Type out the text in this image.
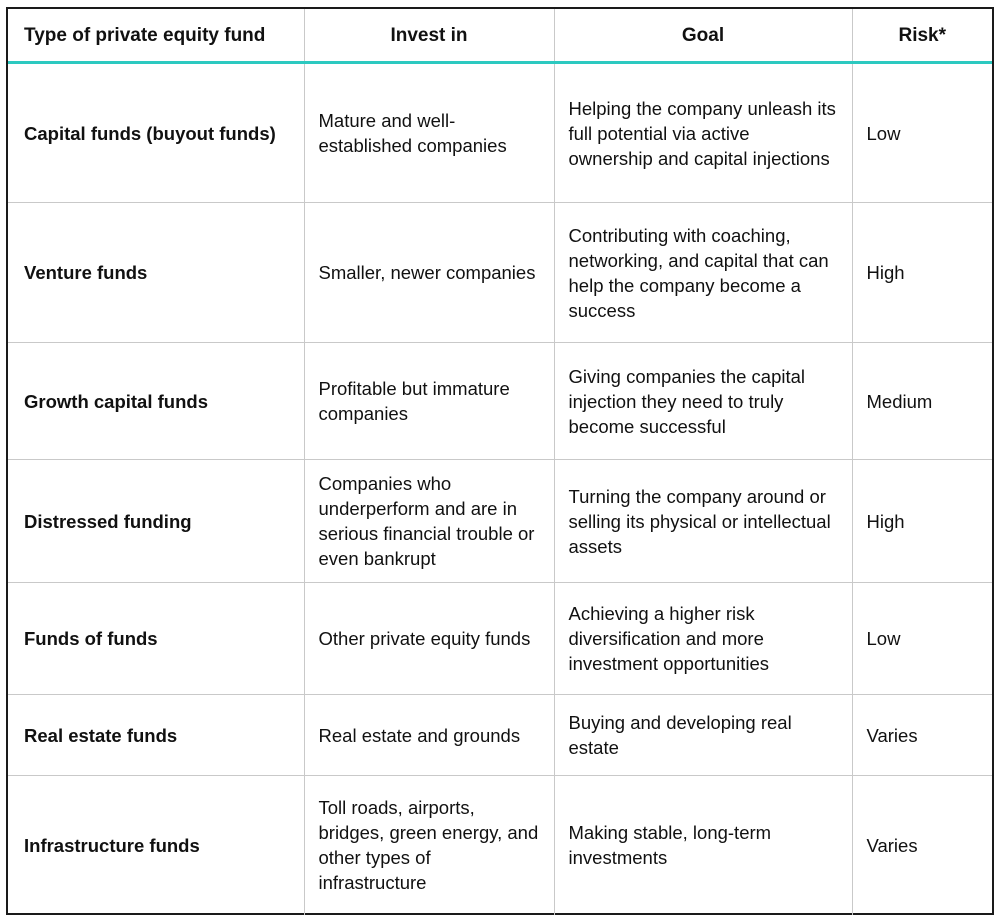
Type of private equity fund	Invest in	Goal	Risk*
Capital funds (buyout funds)	Mature and well-established companies	Helping the company unleash its full potential via active ownership and capital injections	Low
Venture funds	Smaller, newer companies	Contributing with coaching, networking, and capital that can help the company become a success	High
Growth capital funds	Profitable but immature companies	Giving companies the capital injection they need to truly become successful	Medium
Distressed funding	Companies who underperform and are in serious financial trouble or even bankrupt	Turning the company around or selling its physical or intellectual assets	High
Funds of funds	Other private equity funds	Achieving a higher risk diversification and more investment opportunities	Low
Real estate funds	Real estate and grounds	Buying and developing real estate	Varies
Infrastructure funds	Toll roads, airports, bridges, green energy, and other types of infrastructure	Making stable, long-term investments	Varies
